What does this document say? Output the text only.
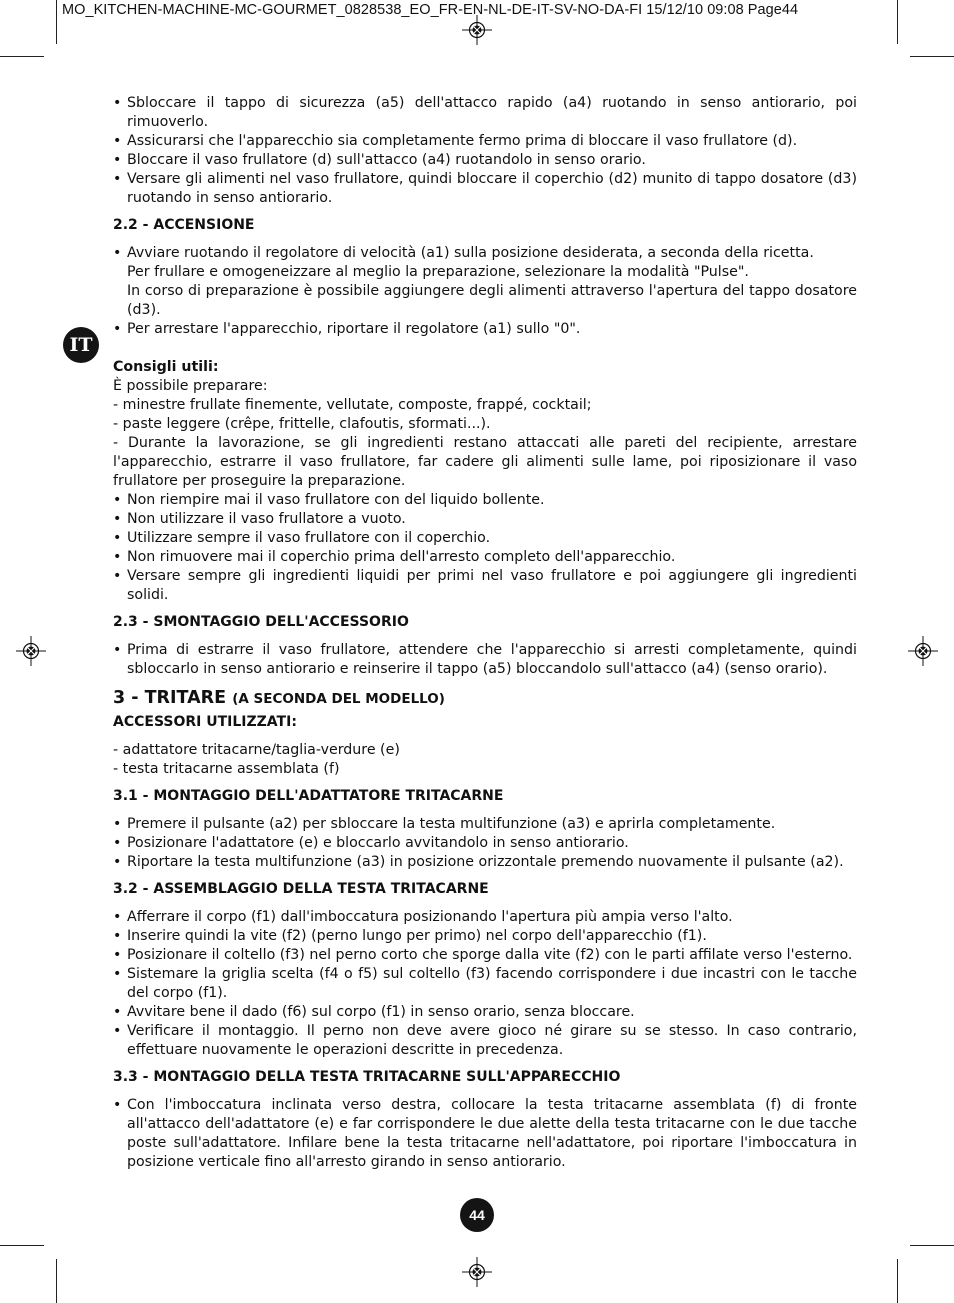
MO_KITCHEN-MACHINE-MC-GOURMET_0828538_EO_FR-EN-NL-DE-IT-SV-NO-DA-FI 15/12/10 09:08 Page44
IT
• Sbloccare il tappo di sicurezza (a5) dell'attacco rapido (a4) ruotando in senso antiorario, poi rimuoverlo.
• Assicurarsi che l'apparecchio sia completamente fermo prima di bloccare il vaso frullatore (d).
• Bloccare il vaso frullatore (d) sull'attacco (a4) ruotandolo in senso orario.
• Versare gli alimenti nel vaso frullatore, quindi bloccare il coperchio (d2) munito di tappo dosatore (d3) ruotando in senso antiorario.
2.2 - ACCENSIONE
• Avviare ruotando il regolatore di velocità (a1) sulla posizione desiderata, a seconda della ricetta.
Per frullare e omogeneizzare al meglio la preparazione, selezionare la modalità "Pulse".
In corso di preparazione è possibile aggiungere degli alimenti attraverso l'apertura del tappo dosatore (d3).
• Per arrestare l'apparecchio, riportare il regolatore (a1) sullo "0".
Consigli utili:

È possibile preparare:

- minestre frullate finemente, vellutate, composte, frappé, cocktail;

- paste leggere (crêpe, frittelle, clafoutis, sformati...).

- Durante la lavorazione, se gli ingredienti restano attaccati alle pareti del recipiente, arrestare l'apparecchio, estrarre il vaso frullatore, far cadere gli alimenti sulle lame, poi riposizionare il vaso frullatore per proseguire la preparazione.

• Non riempire mai il vaso frullatore con del liquido bollente.
• Non utilizzare il vaso frullatore a vuoto.
• Utilizzare sempre il vaso frullatore con il coperchio.
• Non rimuovere mai il coperchio prima dell'arresto completo dell'apparecchio.
• Versare sempre gli ingredienti liquidi per primi nel vaso frullatore e poi aggiungere gli ingredienti solidi.
2.3 - SMONTAGGIO DELL'ACCESSORIO
• Prima di estrarre il vaso frullatore, attendere che l'apparecchio si arresti completamente, quindi sbloccarlo in senso antiorario e reinserire il tappo (a5) bloccandolo sull'attacco (a4) (senso orario).
3 - TRITARE (A SECONDA DEL MODELLO)
ACCESSORI UTILIZZATI:

- adattatore tritacarne/taglia-verdure (e)

- testa tritacarne assemblata (f)

3.1 - MONTAGGIO DELL'ADATTATORE TRITACARNE
• Premere il pulsante (a2) per sbloccare la testa multifunzione (a3) e aprirla completamente.
• Posizionare l'adattatore (e) e bloccarlo avvitandolo in senso antiorario.
• Riportare la testa multifunzione (a3) in posizione orizzontale premendo nuovamente il pulsante (a2).
3.2 - ASSEMBLAGGIO DELLA TESTA TRITACARNE
• Afferrare il corpo (f1) dall'imboccatura posizionando l'apertura più ampia verso l'alto.
• Inserire quindi la vite (f2) (perno lungo per primo) nel corpo dell'apparecchio (f1).
• Posizionare il coltello (f3) nel perno corto che sporge dalla vite (f2) con le parti affilate verso l'esterno.
• Sistemare la griglia scelta (f4 o f5) sul coltello (f3) facendo corrispondere i due incastri con le tacche del corpo (f1).
• Avvitare bene il dado (f6) sul corpo (f1) in senso orario, senza bloccare.
• Verificare il montaggio. Il perno non deve avere gioco né girare su se stesso. In caso contrario, effettuare nuovamente le operazioni descritte in precedenza.
3.3 - MONTAGGIO DELLA TESTA TRITACARNE SULL'APPARECCHIO
• Con l'imboccatura inclinata verso destra, collocare la testa tritacarne assemblata (f) di fronte all'attacco dell'adattatore (e) e far corrispondere le due alette della testa tritacarne con le due tacche poste sull'adattatore. Infilare bene la testa tritacarne nell'adattatore, poi riportare l'imboccatura in posizione verticale fino all'arresto girando in senso antiorario.
44
